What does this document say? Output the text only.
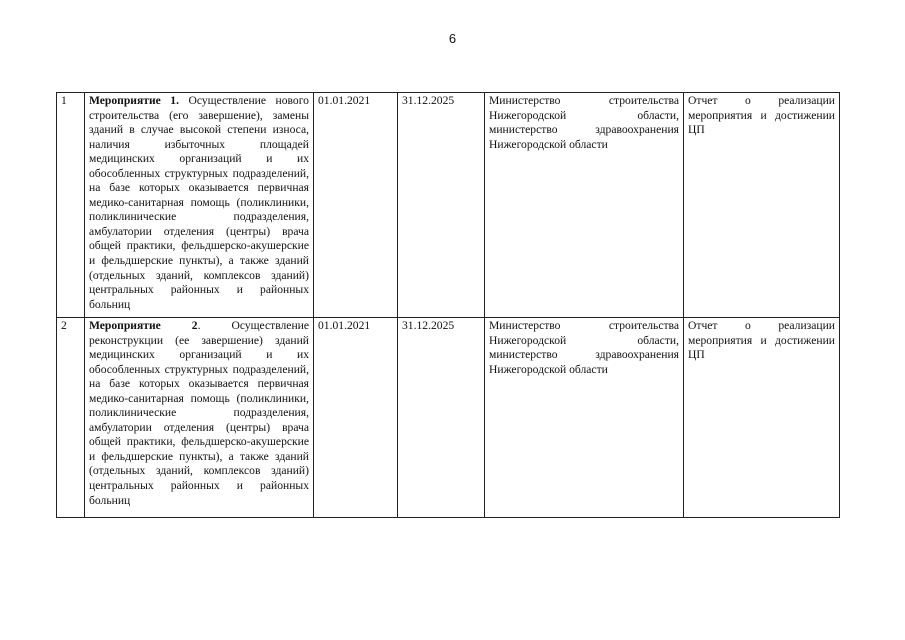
6
1	Мероприятие 1. Осуществление нового строительства (его завершение), замены зданий в случае высокой степени износа, наличия избыточных площадей медицинских организаций и их обособленных структурных подразделений, на базе которых оказывается первичная медико-санитарная помощь (поликлиники, поликлинические подразделения, амбулатории отделения (центры) врача общей практики, фельдшерско-акушерские и фельдшерские пункты), а также зданий (отдельных зданий, комплексов зданий) центральных районных и районных больниц	01.01.2021	31.12.2025	Министерство строительства Нижегородской области, министерство здравоохранения Нижегородской области	Отчет о реализации мероприятия и достижении ЦП
2	Мероприятие 2. Осуществление реконструкции (ее завершение) зданий медицинских организаций и их обособленных структурных подразделений, на базе которых оказывается первичная медико-санитарная помощь (поликлиники, поликлинические подразделения, амбулатории отделения (центры) врача общей практики, фельдшерско-акушерские и фельдшерские пункты), а также зданий (отдельных зданий, комплексов зданий) центральных районных и районных больниц	01.01.2021	31.12.2025	Министерство строительства Нижегородской области, министерство здравоохранения Нижегородской области	Отчет о реализации мероприятия и достижении ЦП
